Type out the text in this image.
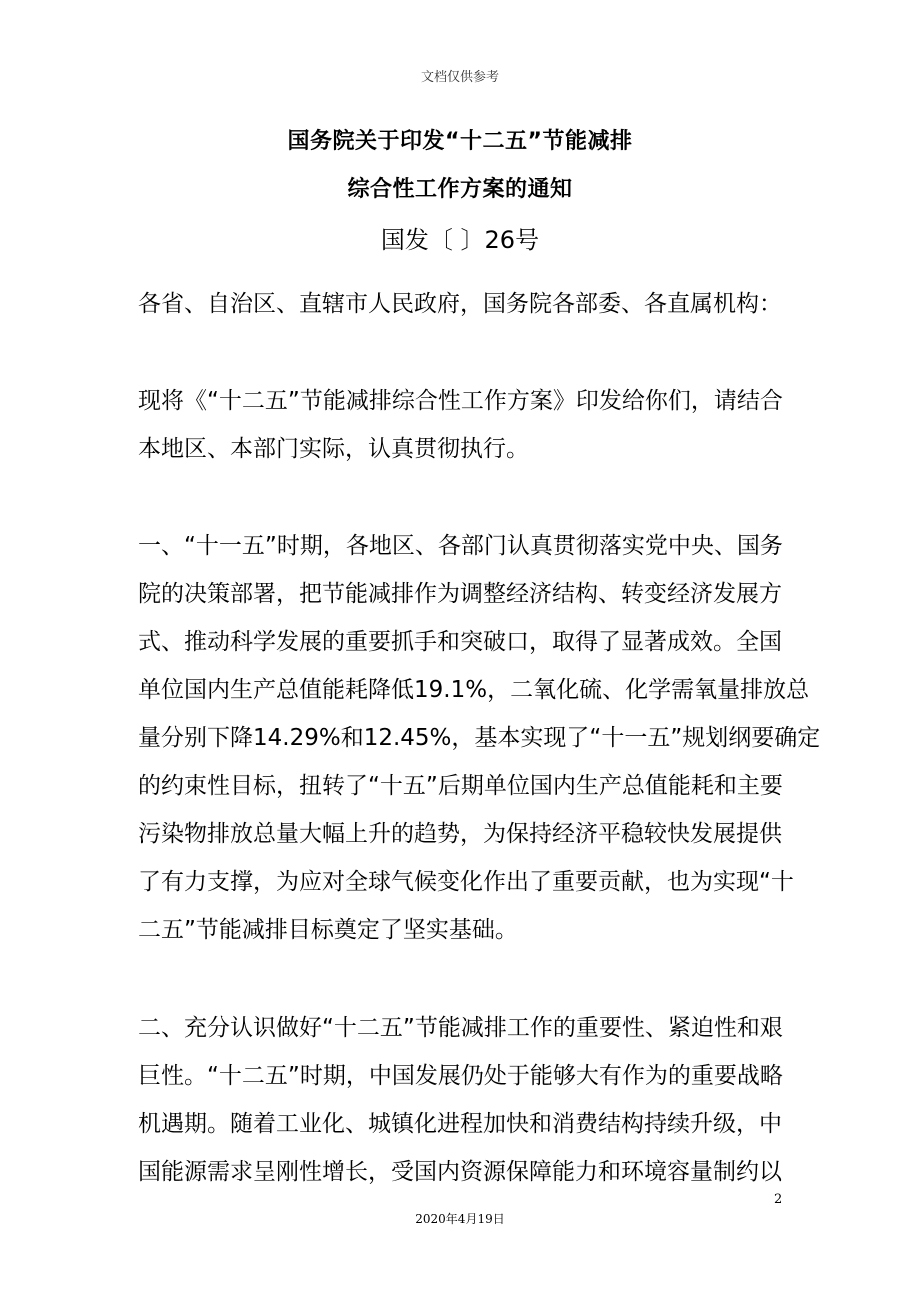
文档仅供参考
国务院关于印发“十二五”节能减排
综合性工作方案的通知
国发〔 〕26号
各省、自治区、直辖市人民政府，国务院各部委、各直属机构：
现将《“十二五”节能减排综合性工作方案》印发给你们，请结合
本地区、本部门实际，认真贯彻执行。
一、“十一五”时期，各地区、各部门认真贯彻落实党中央、国务
院的决策部署，把节能减排作为调整经济结构、转变经济发展方
式、推动科学发展的重要抓手和突破口，取得了显著成效。全国
单位国内生产总值能耗降低19.1%，二氧化硫、化学需氧量排放总
量分别下降14.29%和12.45%，基本实现了“十一五”规划纲要确定
的约束性目标，扭转了“十五”后期单位国内生产总值能耗和主要
污染物排放总量大幅上升的趋势，为保持经济平稳较快发展提供
了有力支撑，为应对全球气候变化作出了重要贡献，也为实现“十
二五”节能减排目标奠定了坚实基础。
二、充分认识做好“十二五”节能减排工作的重要性、紧迫性和艰
巨性。“十二五”时期，中国发展仍处于能够大有作为的重要战略
机遇期。随着工业化、城镇化进程加快和消费结构持续升级，中
国能源需求呈刚性增长，受国内资源保障能力和环境容量制约以
2
2020年4月19日
